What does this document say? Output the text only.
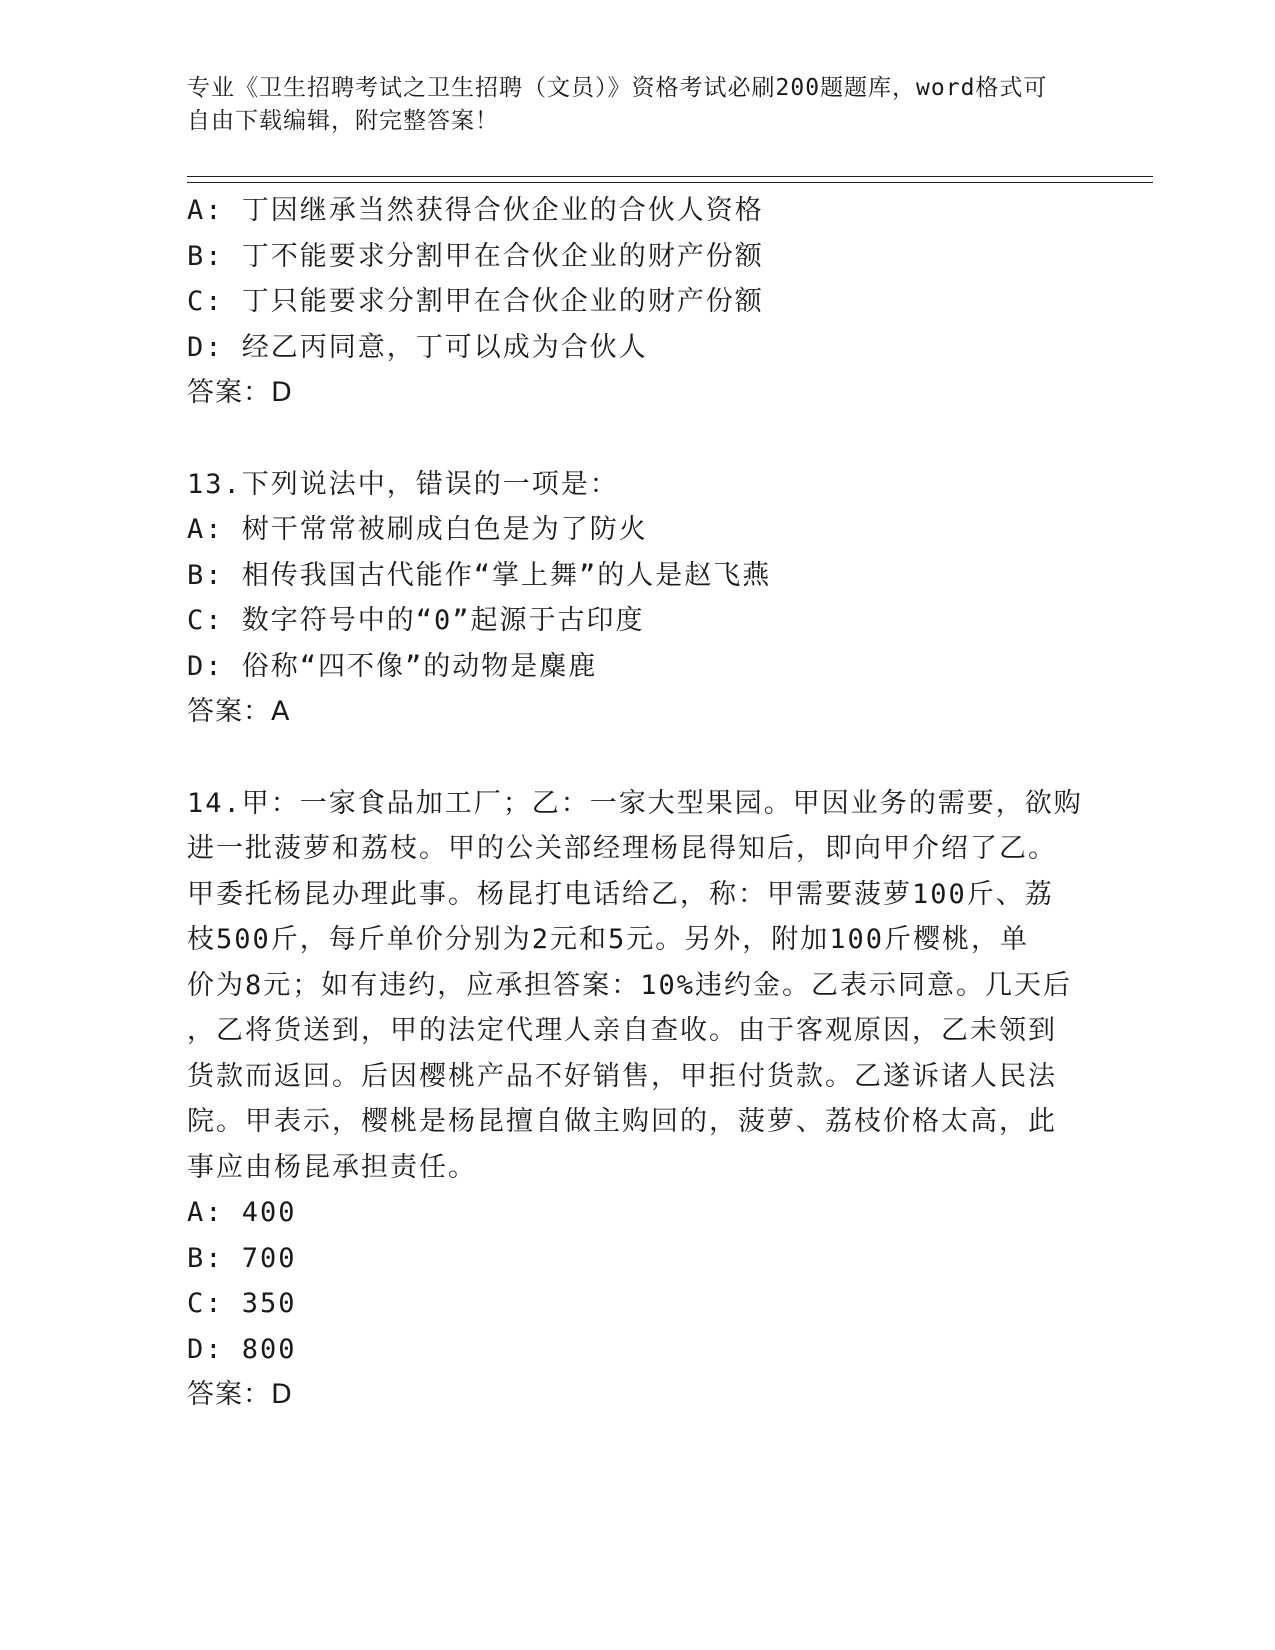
专业《卫生招聘考试之卫生招聘（文员）》资格考试必刷200题题库，word格式可自由下载编辑，附完整答案！
A: 丁因继承当然获得合伙企业的合伙人资格
B: 丁不能要求分割甲在合伙企业的财产份额
C: 丁只能要求分割甲在合伙企业的财产份额
D: 经乙丙同意，丁可以成为合伙人
答案：D
13.下列说法中，错误的一项是：
A: 树干常常被刷成白色是为了防火
B: 相传我国古代能作“掌上舞”的人是赵飞燕
C: 数字符号中的“0”起源于古印度
D: 俗称“四不像”的动物是麋鹿
答案：A
14.甲：一家食品加工厂；乙：一家大型果园。甲因业务的需要，欲购
进一批菠萝和荔枝。甲的公关部经理杨昆得知后，即向甲介绍了乙。
甲委托杨昆办理此事。杨昆打电话给乙，称：甲需要菠萝100斤、荔
枝500斤，每斤单价分别为2元和5元。另外，附加100斤樱桃，单
价为8元；如有违约，应承担答案：10%违约金。乙表示同意。几天后
，乙将货送到，甲的法定代理人亲自查收。由于客观原因，乙未领到
货款而返回。后因樱桃产品不好销售，甲拒付货款。乙遂诉诸人民法
院。甲表示，樱桃是杨昆擅自做主购回的，菠萝、荔枝价格太高，此
事应由杨昆承担责任。
A: 400
B: 700
C: 350
D: 800
答案：D
